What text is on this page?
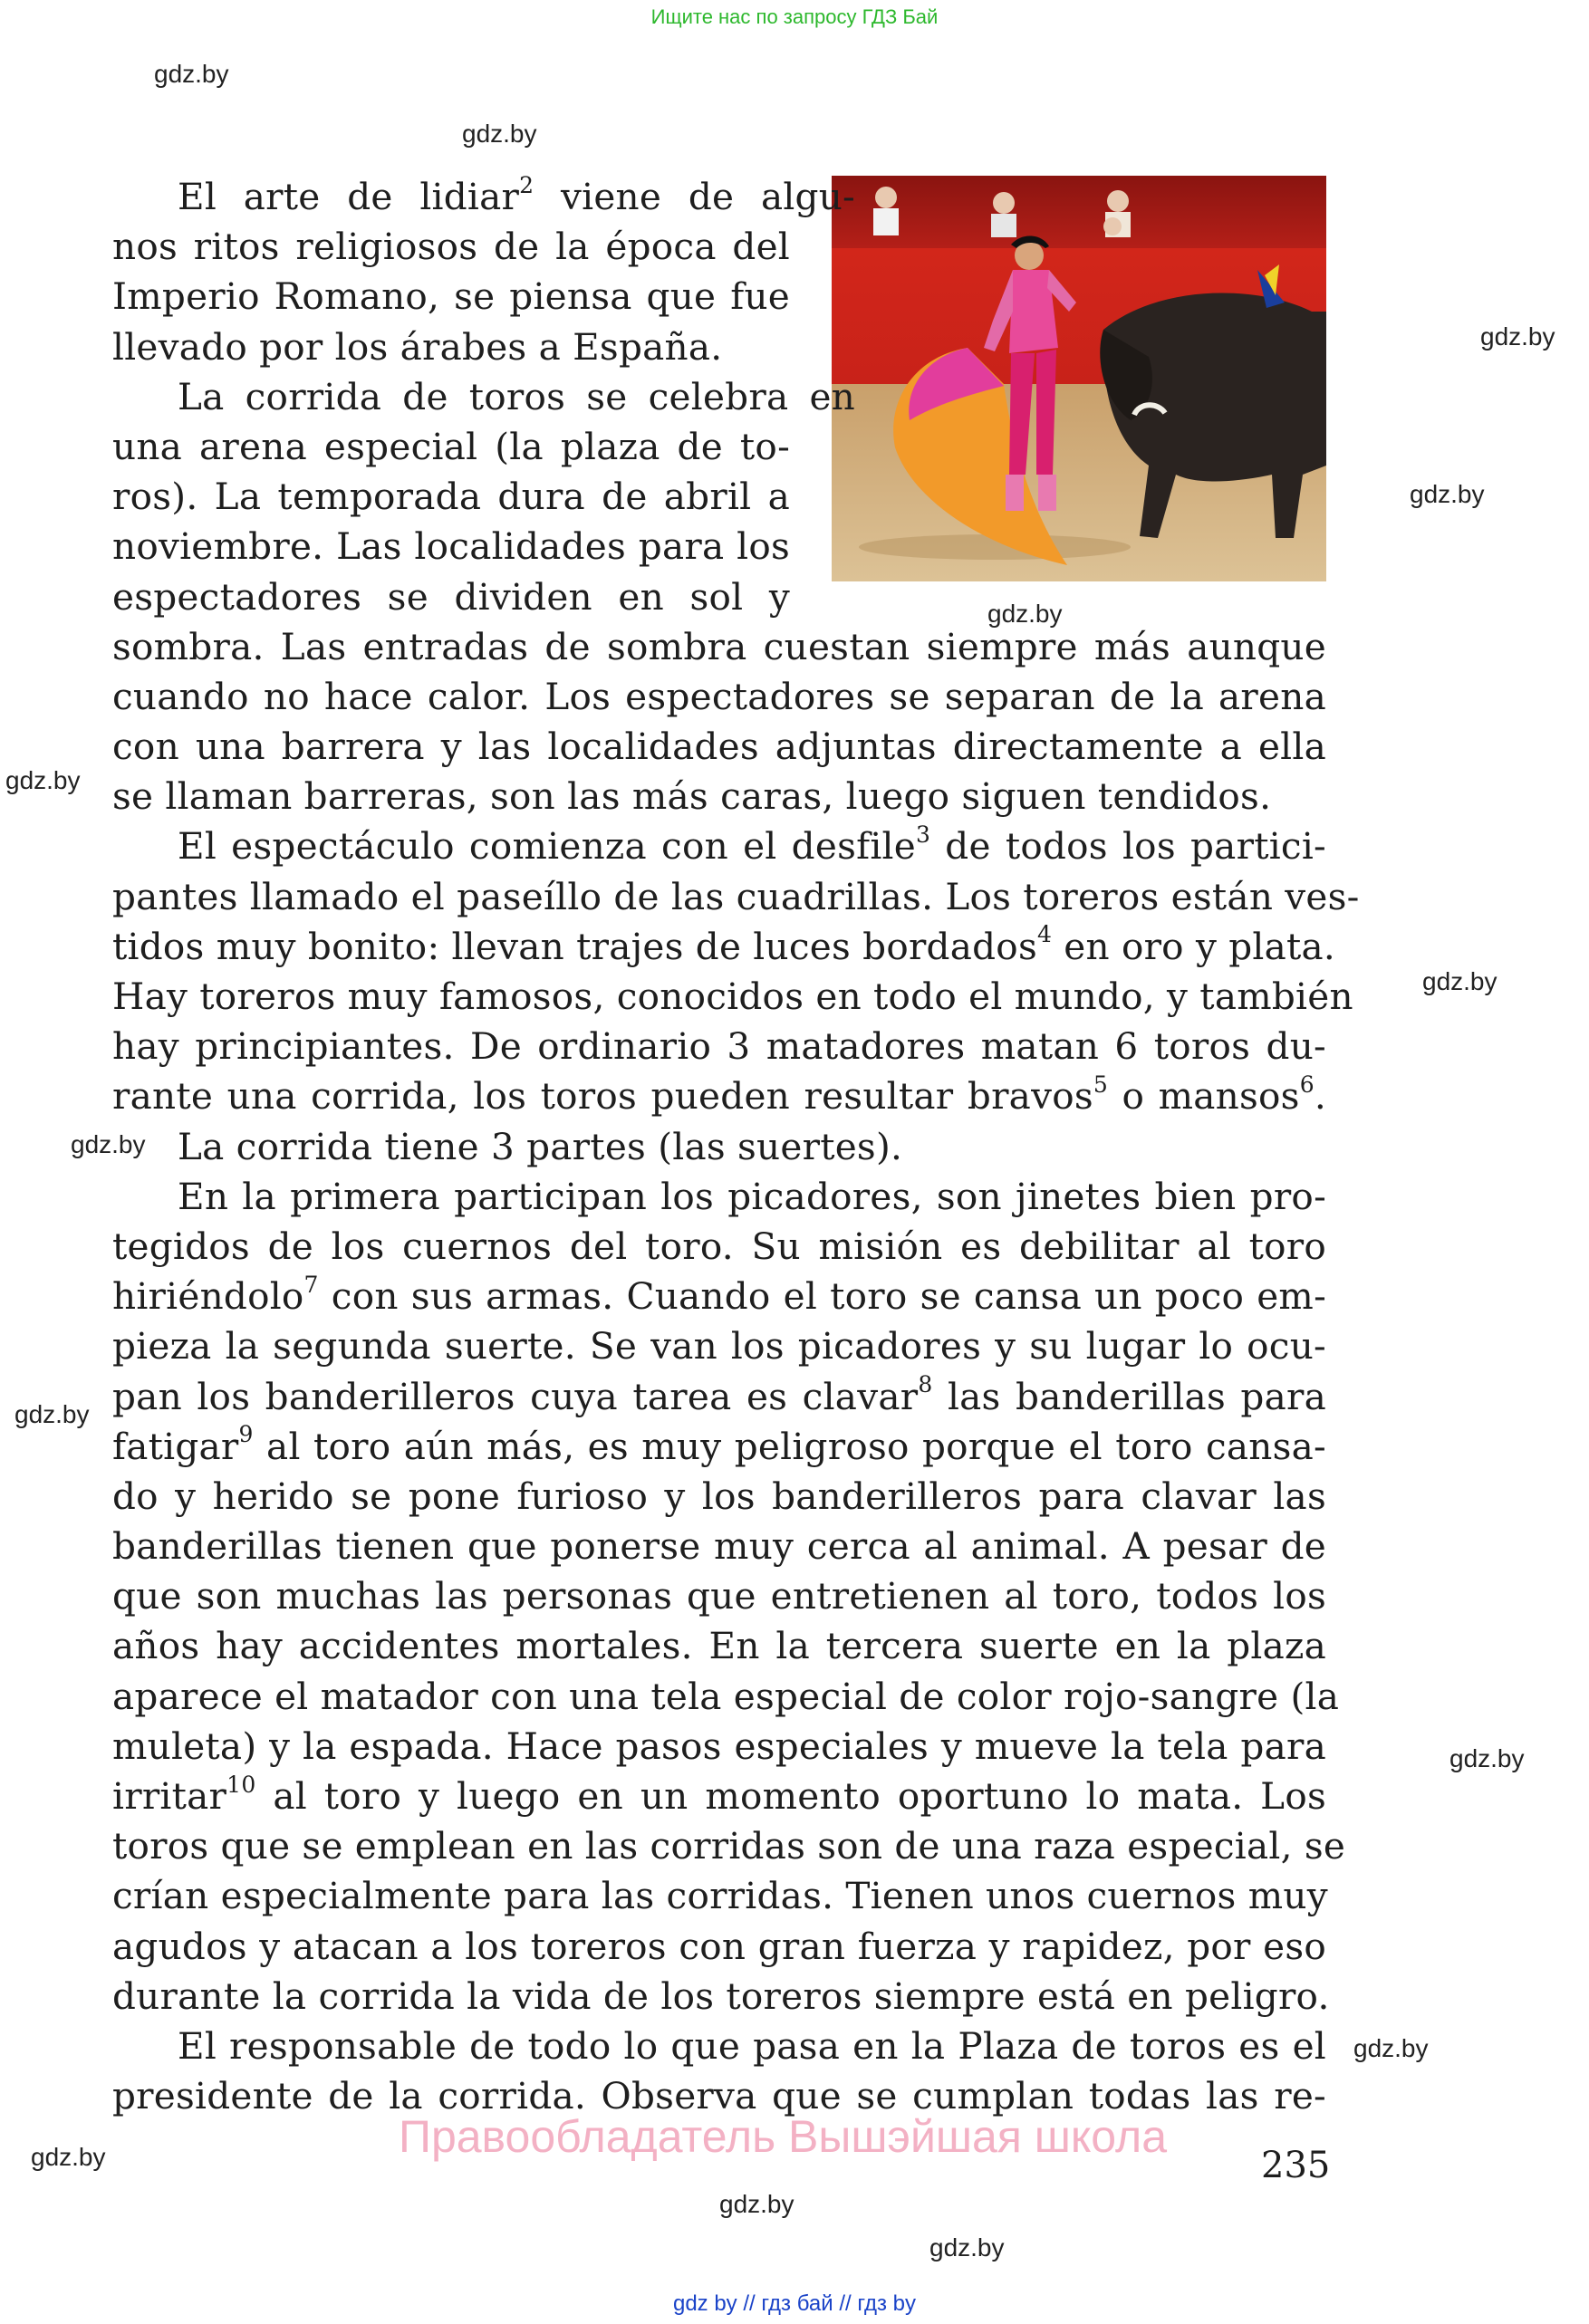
Ищите нас по запросу ГДЗ Бай
gdz.by
gdz.by
gdz.by
gdz.by
gdz.by
gdz.by
gdz.by
gdz.by
gdz.by
gdz.by
gdz.by
gdz.by
gdz.by
gdz.by
El arte de lidiar$^2$ viene de algu-
nos ritos religiosos de la época del
Imperio Romano, se piensa que fue
llevado por los árabes a España.
La corrida de toros se celebra en
una arena especial (la plaza de to-
ros). La temporada dura de abril a
noviembre. Las localidades para los
espectadores se dividen en sol y
sombra. Las entradas de sombra cuestan siempre más aunque
cuando no hace calor. Los espectadores se separan de la arena
con una barrera y las localidades adjuntas directamente a ella
se llaman barreras, son las más caras, luego siguen tendidos.
El espectáculo comienza con el desfile$^3$ de todos los partici-
pantes llamado el paseíllo de las cuadrillas. Los toreros están ves-
tidos muy bonito: llevan trajes de luces bordados$^4$ en oro y plata.
Hay toreros muy famosos, conocidos en todo el mundo, y también
hay principiantes. De ordinario 3 matadores matan 6 toros du-
rante una corrida, los toros pueden resultar bravos$^5$ o mansos$^6$.
La corrida tiene 3 partes (las suertes).
En la primera participan los picadores, son jinetes bien pro-
tegidos de los cuernos del toro. Su misión es debilitar al toro
hiriéndolo$^7$ con sus armas. Cuando el toro se cansa un poco em-
pieza la segunda suerte. Se van los picadores y su lugar lo ocu-
pan los banderilleros cuya tarea es clavar$^8$ las banderillas para
fatigar$^9$ al toro aún más, es muy peligroso porque el toro cansa-
do y herido se pone furioso y los banderilleros para clavar las
banderillas tienen que ponerse muy cerca al animal. A pesar de
que son muchas las personas que entretienen al toro, todos los
años hay accidentes mortales. En la tercera suerte en la plaza
aparece el matador con una tela especial de color rojo-sangre (la
muleta) y la espada. Hace pasos especiales y mueve la tela para
irritar$^{10}$ al toro y luego en un momento oportuno lo mata. Los
toros que se emplean en las corridas son de una raza especial, se
crían especialmente para las corridas. Tienen unos cuernos muy
agudos y atacan a los toreros con gran fuerza y rapidez, por eso
durante la corrida la vida de los toreros siempre está en peligro.
El responsable de todo lo que pasa en la Plaza de toros es el
presidente de la corrida. Observa que se cumplan todas las re-
Правообладатель Вышэйшая школа
235
gdz by // гдз бай // гдз by
